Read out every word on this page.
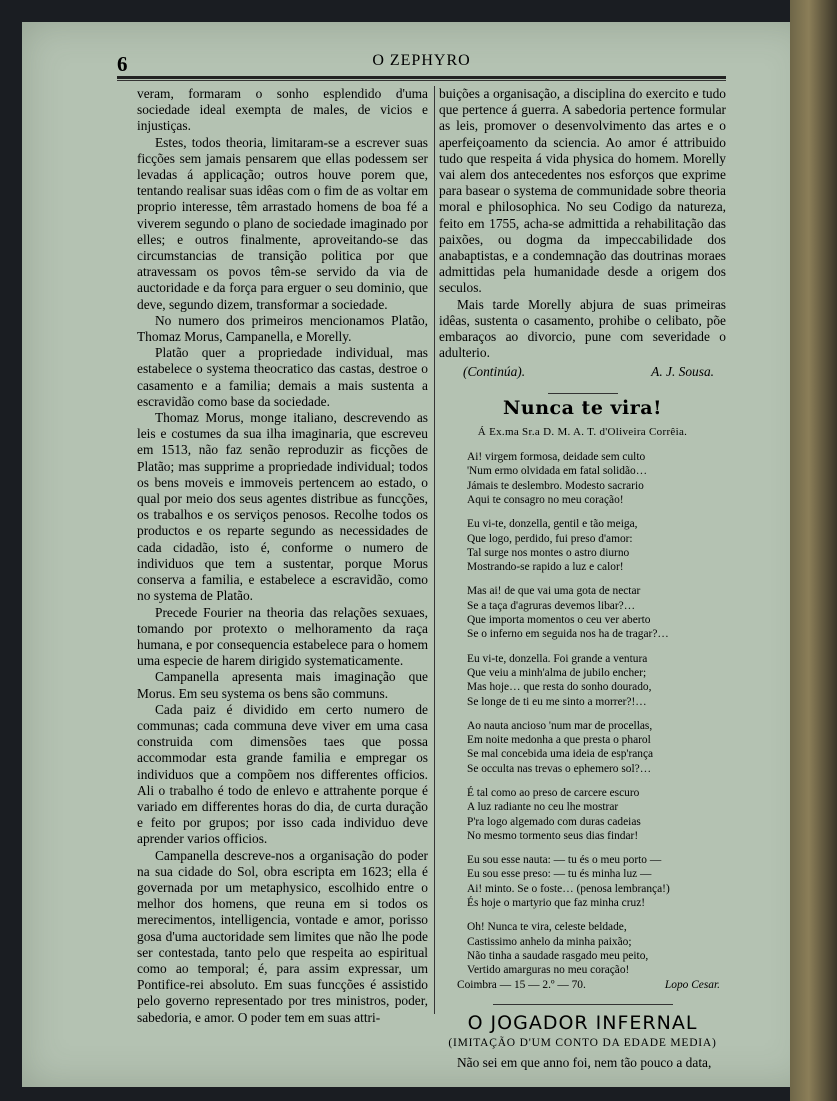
6	O ZEPHYRO

veram, formaram o sonho esplendido d'uma sociedade ideal exempta de males, de vicios e injustiças.

Estes, todos theoria, limitaram-se a escrever suas ficções sem jamais pensarem que ellas podessem ser levadas á applicação; outros houve porem que, tentando realisar suas idêas com o fim de as voltar em proprio interesse, têm arrastado homens de boa fé a viverem segundo o plano de sociedade imaginado por elles; e outros finalmente, aproveitando-se das circumstancias de transição politica por que atravessam os povos têm-se servido da via de auctoridade e da força para erguer o seu dominio, que deve, segundo dizem, transformar a sociedade.

No numero dos primeiros mencionamos Platão, Thomaz Morus, Campanella, e Morelly.

Platão quer a propriedade individual, mas estabelece o systema theocratico das castas, destroe o casamento e a familia; demais a mais sustenta a escravidão como base da sociedade.

Thomaz Morus, monge italiano, descrevendo as leis e costumes da sua ilha imaginaria, que escreveu em 1513, não faz senão reproduzir as ficções de Platão; mas supprime a propriedade individual; todos os bens moveis e immoveis pertencem ao estado, o qual por meio dos seus agentes distribue as funcções, os trabalhos e os serviços penosos. Recolhe todos os productos e os reparte segundo as necessidades de cada cidadão, isto é, conforme o numero de individuos que tem a sustentar, porque Morus conserva a familia, e estabelece a escravidão, como no systema de Platão.

Precede Fourier na theoria das relações sexuaes, tomando por protexto o melhoramento da raça humana, e por consequencia estabelece para o homem uma especie de harem dirigido systematicamente.

Campanella apresenta mais imaginação que Morus. Em seu systema os bens são communs.

Cada paiz é dividido em certo numero de communas; cada communa deve viver em uma casa construida com dimensões taes que possa accommodar esta grande familia e empregar os individuos que a compõem nos differentes officios. Ali o trabalho é todo de enlevo e attrahente porque é variado em differentes horas do dia, de curta duração e feito por grupos; por isso cada individuo deve aprender varios officios.

Campanella descreve-nos a organisação do poder na sua cidade do Sol, obra escripta em 1623; ella é governada por um metaphysico, escolhido entre o melhor dos homens, que reuna em si todos os merecimentos, intelligencia, vontade e amor, porisso gosa d'uma auctoridade sem limites que não lhe pode ser contestada, tanto pelo que respeita ao espiritual como ao temporal; é, para assim expressar, um Pontifice-rei absoluto. Em suas funcções é assistido pelo governo representado por tres ministros, poder, sabedoria, e amor. O poder tem em suas attri-

buições a organisação, a disciplina do exercito e tudo que pertence á guerra. A sabedoria pertence formular as leis, promover o desenvolvimento das artes e o aperfeiçoamento da sciencia. Ao amor é attribuido tudo que respeita á vida physica do homem. Morelly vai alem dos antecedentes nos esforços que exprime para basear o systema de communidade sobre theoria moral e philosophica. No seu Codigo da natureza, feito em 1755, acha-se admittida a rehabilitação das paixões, ou dogma da impeccabilidade dos anabaptistas, e a condemnação das doutrinas moraes admittidas pela humanidade desde a origem dos seculos.

Mais tarde Morelly abjura de suas primeiras idêas, sustenta o casamento, prohibe o celibato, põe embaraços ao divorcio, pune com severidade o adulterio.

(Continúa).	A. J. Sousa.
Nunca te vira!
Á Ex.ma Sr.a D. M. A. T. d'Oliveira Corrêia.
Ai! virgem formosa, deidade sem culto
'Num ermo olvidada em fatal solidão…
Jámais te deslembro. Modesto sacrario
Aqui te consagro no meu coração!
Eu vi-te, donzella, gentil e tão meiga,
Que logo, perdido, fui preso d'amor:
Tal surge nos montes o astro diurno
Mostrando-se rapido a luz e calor!
Mas ai! de que vai uma gota de nectar
Se a taça d'agruras devemos libar?…
Que importa momentos o ceu ver aberto
Se o inferno em seguida nos ha de tragar?…
Eu vi-te, donzella. Foi grande a ventura
Que veiu a minh'alma de jubilo encher;
Mas hoje… que resta do sonho dourado,
Se longe de ti eu me sinto a morrer?!…
Ao nauta ancioso 'num mar de procellas,
Em noite medonha a que presta o pharol
Se mal concebida uma ideia de esp'rança
Se occulta nas trevas o ephemero sol?…
É tal como ao preso de carcere escuro
A luz radiante no ceu lhe mostrar
P'ra logo algemado com duras cadeias
No mesmo tormento seus dias findar!
Eu sou esse nauta: — tu és o meu porto —
Eu sou esse preso: — tu és minha luz —
Ai! minto. Se o foste… (penosa lembrança!)
És hoje o martyrio que faz minha cruz!
Oh! Nunca te vira, celeste beldade,
Castissimo anhelo da minha paixão;
Não tinha a saudade rasgado meu peito,
Vertido amarguras no meu coração!
Coimbra — 15 — 2.º — 70.	Lopo Cesar.
O JOGADOR INFERNAL
(IMITAÇÃO D'UM CONTO DA EDADE MEDIA)

Não sei em que anno foi, nem tão pouco a data,
